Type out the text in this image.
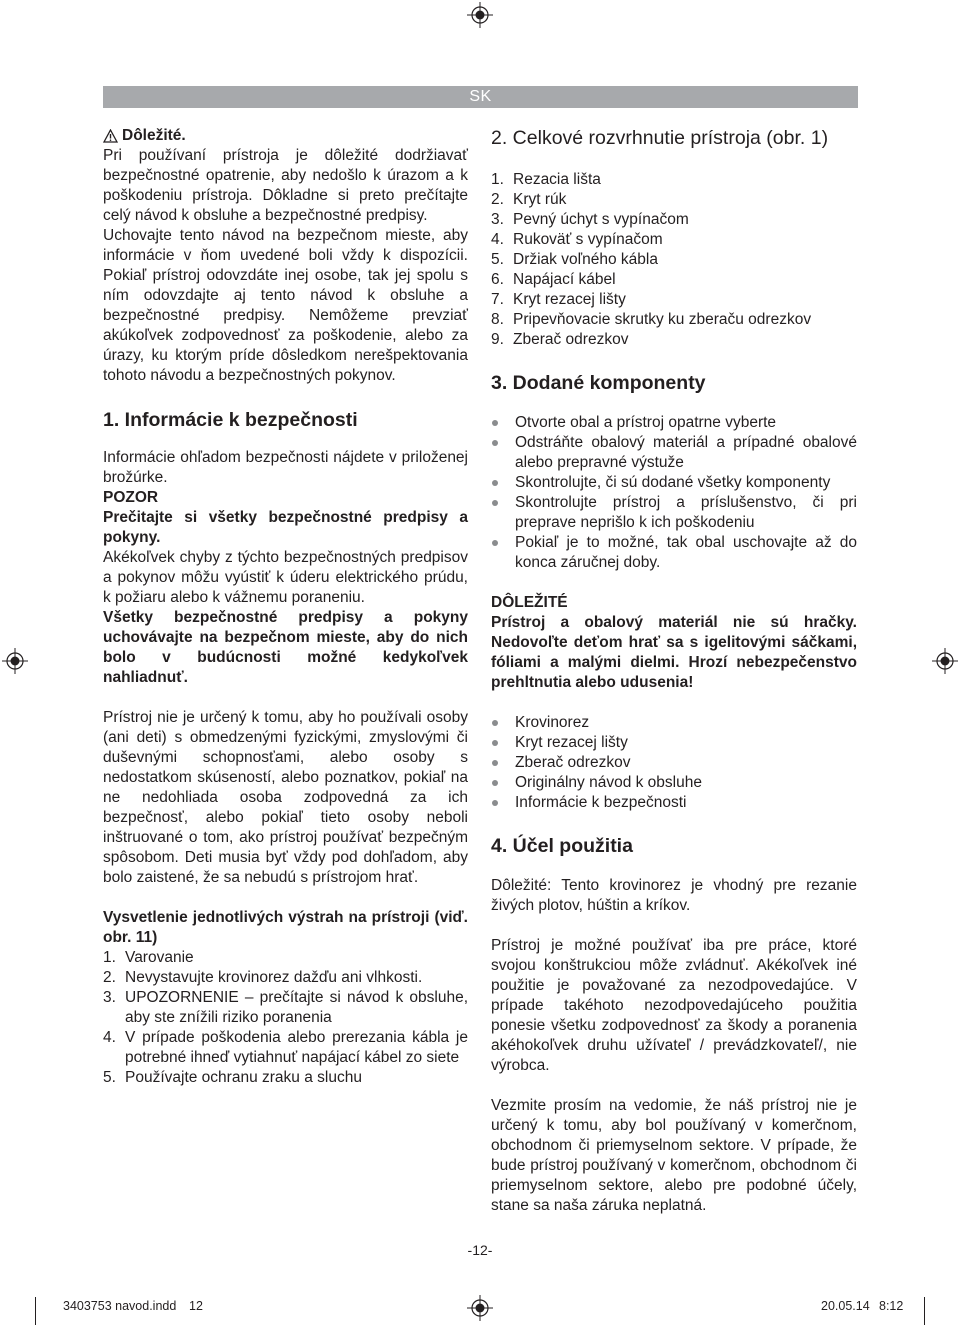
SK
Dôležité.

Pri používaní prístroja je dôležité dodržiavať bezpečnostné opatrenie, aby nedošlo k úrazom a k poškodeniu prístroja. Dôkladne si preto prečítajte celý návod k obsluhe a bezpečnostné predpisy.

Uchovajte tento návod na bezpečnom mieste, aby informácie v ňom uvedené boli vždy k dispozícii. Pokiaľ prístroj odovzdáte inej osobe, tak jej spolu s ním odovzdajte aj tento návod k obsluhe a bezpečnostné predpisy. Nemôžeme prevziať akúkoľvek zodpovednosť za poškodenie, alebo za úrazy, ku ktorým príde dôsledkom nerešpektovania tohoto návodu a bezpečnostných pokynov.

1. Informácie k bezpečnosti

Informácie ohľadom bezpečnosti nájdete v priloženej brožúrke.

POZOR

Prečitajte si všetky bezpečnostné predpisy a pokyny.

Akékoľvek chyby z týchto bezpečnostných predpisov a pokynov môžu vyústiť k úderu elektrického prúdu, k požiaru alebo k vážnemu poraneniu.

Všetky bezpečnostné predpisy a pokyny uchovávajte na bezpečnom mieste, aby do nich bolo v budúcnosti možné kedykoľvek nahliadnuť.

Prístroj nie je určený k tomu, aby ho používali osoby (ani deti) s obmedzenými fyzickými, zmyslovými či duševnými schopnosťami, alebo osoby s nedostatkom skúseností, alebo poznatkov, pokiaľ na ne nedohliada osoba zodpovedná za ich bezpečnosť, alebo pokiaľ tieto osoby neboli inštruované o tom, ako prístroj používať bezpečným spôsobom. Deti musia byť vždy pod dohľadom, aby bolo zaistené, že sa nebudú s prístrojom hrať.

Vysvetlenie jednotlivých výstrah na prístroji (viď. obr. 11)

1. Varovanie
2. Nevystavujte krovinorez dažďu ani vlhkosti.
3. UPOZORNENIE – prečítajte si návod k obsluhe, aby ste znížili riziko poranenia
4. V prípade poškodenia alebo prerezania kábla je potrebné ihneď vytiahnuť napájací kábel zo siete
5. Používajte ochranu zraku a sluchu
2. Celkové rozvrhnutie prístroja (obr. 1)
1. Rezacia lišta
2. Kryt rúk
3. Pevný úchyt s vypínačom
4. Rukoväť s vypínačom
5. Držiak voľného kábla
6. Napájací kábel
7. Kryt rezacej lišty
8. Pripevňovacie skrutky ku zberaču odrezkov
9. Zberač odrezkov
3. Dodané komponenty
Otvorte obal a prístroj opatrne vyberte
Odstráňte obalový materiál a prípadné obalové alebo prepravné výstuže
Skontrolujte, či sú dodané všetky komponenty
Skontrolujte prístroj a príslušenstvo, či pri preprave neprišlo k ich poškodeniu
Pokiaľ je to možné, tak obal uschovajte až do konca záručnej doby.

DÔLEŽITÉ

Prístroj a obalový materiál nie sú hračky. Nedovoľte deťom hrať sa s igelitovými sáčkami, fóliami a malými dielmi. Hrozí nebezpečenstvo prehltnutia alebo udusenia!

Krovinorez
Kryt rezacej lišty
Zberač odrezkov
Originálny návod k obsluhe
Informácie k bezpečnosti
4. Účel použitia

Dôležité: Tento krovinorez je vhodný pre rezanie živých plotov, húštin a kríkov.

Prístroj je možné používať iba pre práce, ktoré svojou konštrukciou môže zvládnuť. Akékoľvek iné použitie je považované za nezodpovedajúce. V prípade takéhoto nezodpovedajúceho použitia ponesie všetku zodpovednosť za škody a poranenia akéhokoľvek druhu užívateľ / prevádzkovateľ/, nie výrobca.

Vezmite prosím na vedomie, že náš prístroj nie je určený k tomu, aby bol používaný v komerčnom, obchodnom či priemyselnom sektore. V prípade, že bude prístroj používaný v komerčnom, obchodnom či priemyselnom sektore, alebo pre podobné účely, stane sa naša záruka neplatná.

-12-
3403753 navod.indd 12	20.05.14 8:12
